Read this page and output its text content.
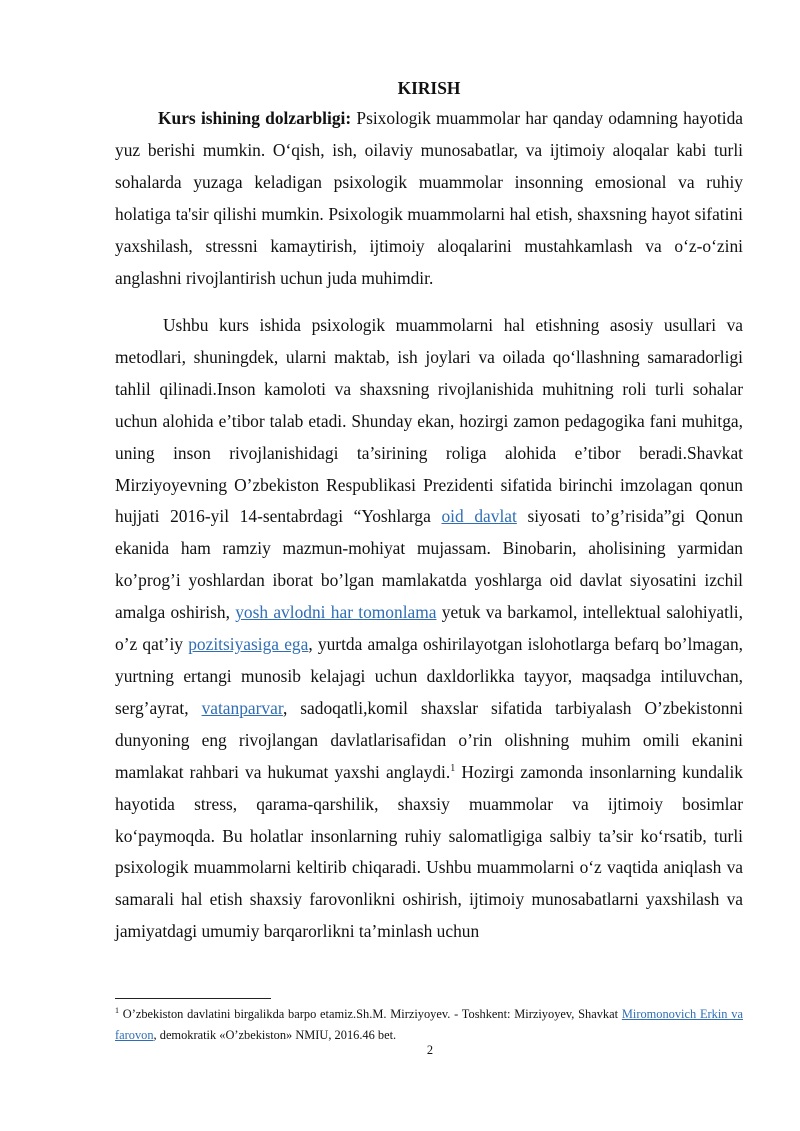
KIRISH

Kurs ishining dolzarbligi: Psixologik muammolar har qanday odamning hayotida yuz berishi mumkin. O‘qish, ish, oilaviy munosabatlar, va ijtimoiy aloqalar kabi turli sohalarda yuzaga keladigan psixologik muammolar insonning emosional va ruhiy holatiga ta'sir qilishi mumkin. Psixologik muammolarni hal etish, shaxsning hayot sifatini yaxshilash, stressni kamaytirish, ijtimoiy aloqalarini mustahkamlash va o‘z-o‘zini anglashni rivojlantirish uchun juda muhimdir.

Ushbu kurs ishida psixologik muammolarni hal etishning asosiy usullari va metodlari, shuningdek, ularni maktab, ish joylari va oilada qo‘llashning samaradorligi tahlil qilinadi.Inson kamoloti va shaxsning rivojlanishida muhitning roli turli sohalar uchun alohida e’tibor talab etadi. Shunday ekan, hozirgi zamon pedagogika fani muhitga, uning inson rivojlanishidagi ta’sirining roliga alohida e’tibor beradi.Shavkat Mirziyoyevning O’zbekiston Respublikasi Prezidenti sifatida birinchi imzolagan qonun hujjati 2016-yil 14-sentabrdagi “Yoshlarga oid davlat siyosati to’g’risida”gi Qonun ekanida ham ramziy mazmun-mohiyat mujassam. Binobarin, aholisining yarmidan ko’prog’i yoshlardan iborat bo’lgan mamlakatda yoshlarga oid davlat siyosatini izchil amalga oshirish, yosh avlodni har tomonlama yetuk va barkamol, intellektual salohiyatli, o’z qat’iy pozitsiyasiga ega, yurtda amalga oshirilayotgan islohotlarga befarq bo’lmagan, yurtning ertangi munosib kelajagi uchun daxldorlikka tayyor, maqsadga intiluvchan, serg’ayrat, vatanparvar, sadoqatli,komil shaxslar sifatida tarbiyalash O’zbekistonni dunyoning eng rivojlangan davlatlarisafidan o’rin olishning muhim omili ekanini mamlakat rahbari va hukumat yaxshi anglaydi.$^1$ Hozirgi zamonda insonlarning kundalik hayotida stress, qarama-qarshilik, shaxsiy muammolar va ijtimoiy bosimlar ko‘paymoqda. Bu holatlar insonlarning ruhiy salomatligiga salbiy ta’sir ko‘rsatib, turli psixologik muammolarni keltirib chiqaradi. Ushbu muammolarni o‘z vaqtida aniqlash va samarali hal etish shaxsiy farovonlikni oshirish, ijtimoiy munosabatlarni yaxshilash va jamiyatdagi umumiy barqarorlikni ta’minlash uchun

$^1$ O’zbekiston davlatini birgalikda barpo etamiz.Sh.M. Mirziyoyev. - Toshkent: Mirziyoyev, Shavkat Miromonovich Erkin va farovon, demokratik «O’zbekiston» NMIU, 2016.46 bet.

2
